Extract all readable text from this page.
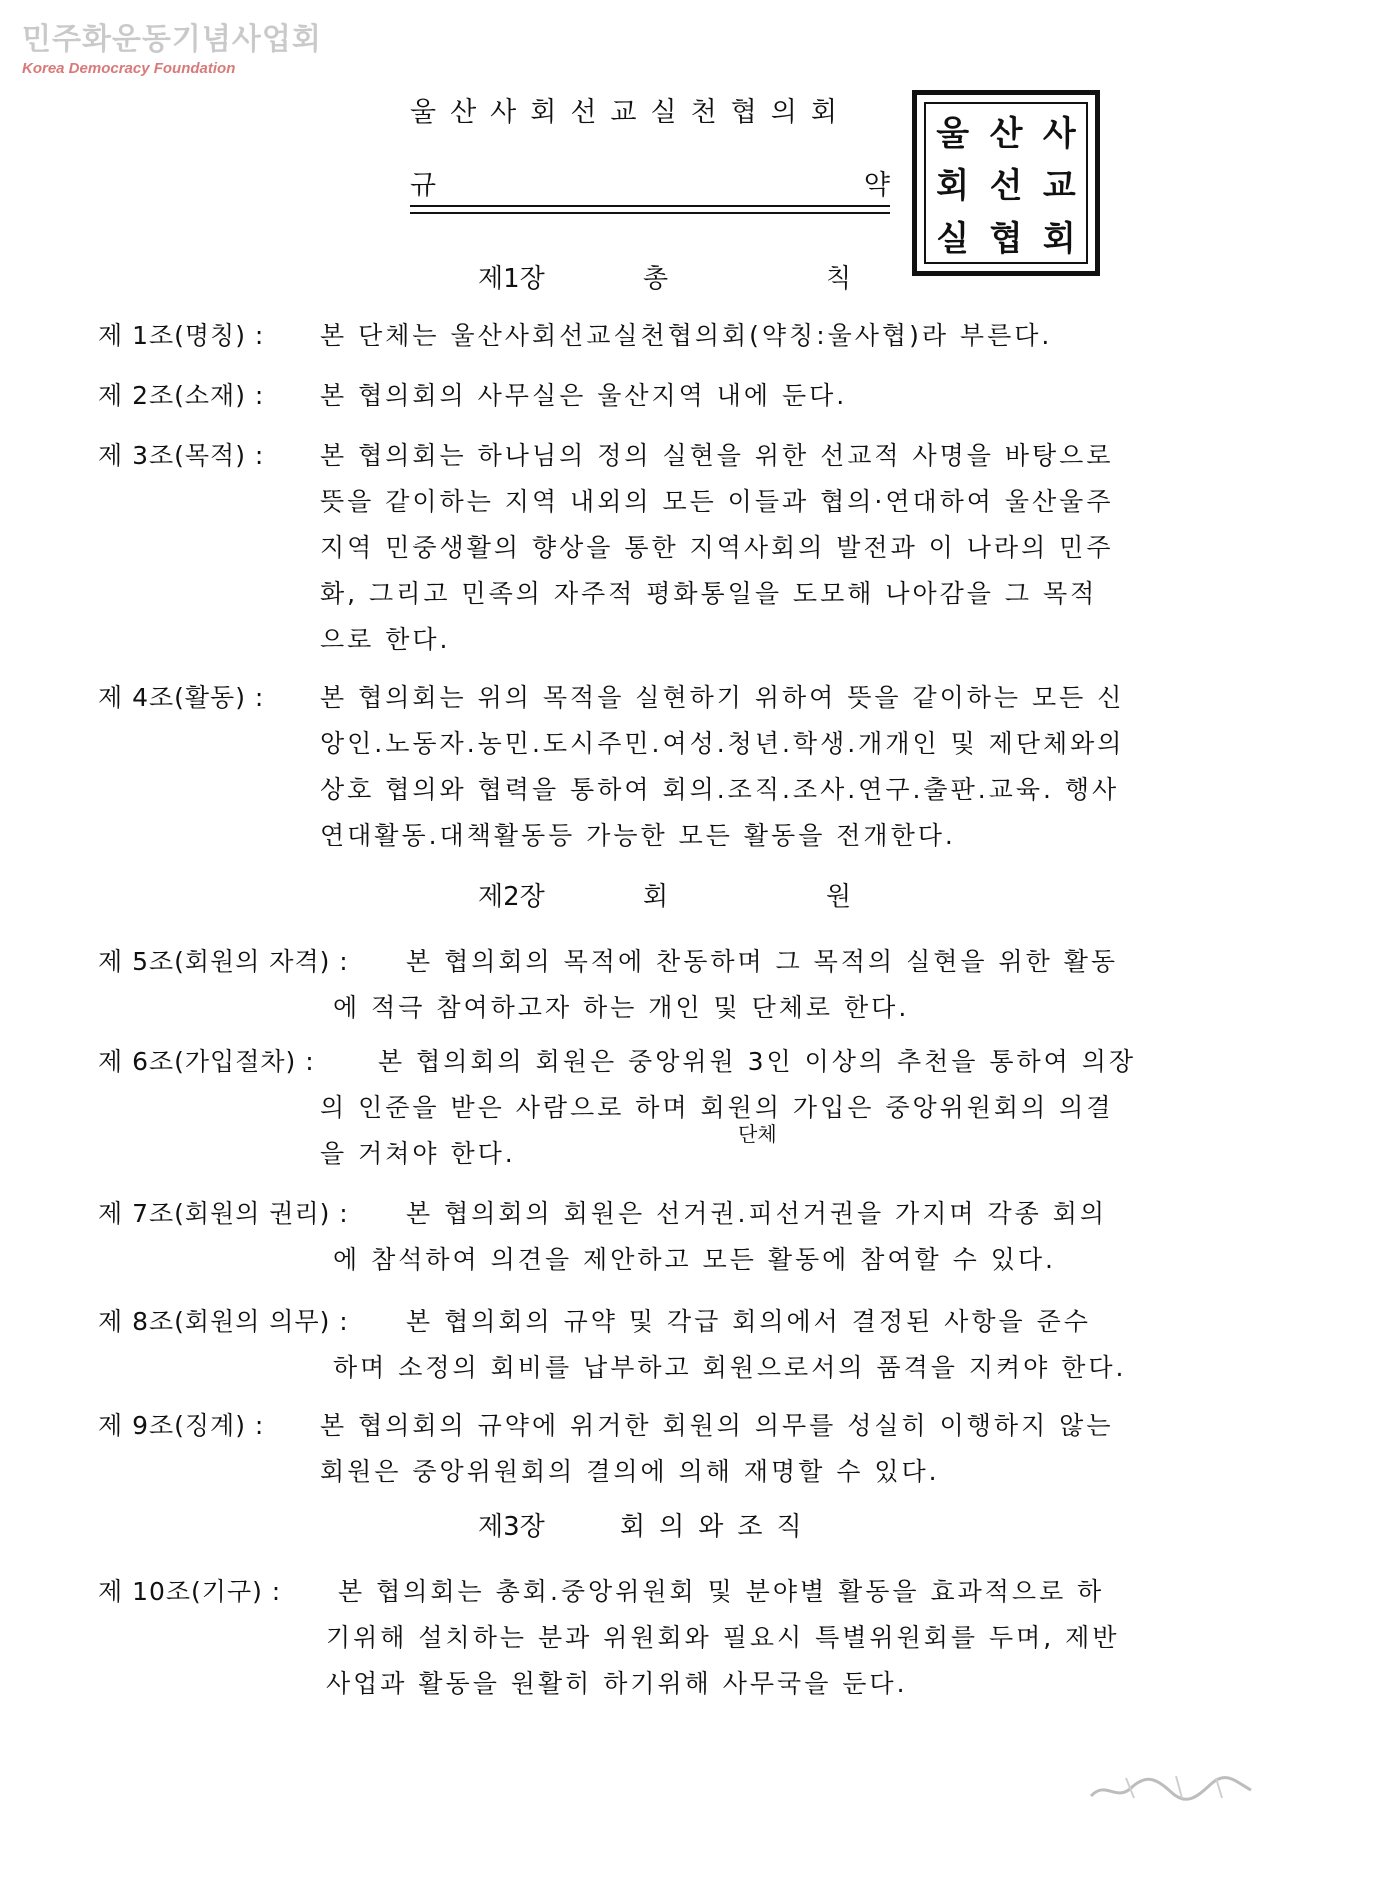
민주화운동기념사업회
Korea Democracy Foundation
울산사회선교실천협의회
규	약
울 산 사
회 선 교
실 협 회
제1장	총	칙
제 1조(명칭) : 본 단체는 울산사회선교실천협의회(약칭:울사협)라 부른다.
제 2조(소재) : 본 협의회의 사무실은 울산지역 내에 둔다.
제 3조(목적) : 본 협의회는 하나님의 정의 실현을 위한 선교적 사명을 바탕으로
뜻을 같이하는 지역 내외의 모든 이들과 협의·연대하여 울산울주
지역 민중생활의 향상을 통한 지역사회의 발전과 이 나라의 민주
화, 그리고 민족의 자주적 평화통일을 도모해 나아감을 그 목적
으로 한다.
제 4조(활동) : 본 협의회는 위의 목적을 실현하기 위하여 뜻을 같이하는 모든 신
앙인.노동자.농민.도시주민.여성.청년.학생.개개인 및 제단체와의
상호 협의와 협력을 통하여 회의.조직.조사.연구.출판.교육. 행사
연대활동.대책활동등 가능한 모든 활동을 전개한다.
제2장	회	원
제 5조(회원의 자격) : 본 협의회의 목적에 찬동하며 그 목적의 실현을 위한 활동
에 적극 참여하고자 하는 개인 및 단체로 한다.
제 6조(가입절차) :	본 협의회의 회원은 중앙위원 3인 이상의 추천을 통하여 의장
의 인준을 받은 사람으로 하며 회원의 가입은 중앙위원회의 의결
을 거쳐야 한다.
단체
제 7조(회원의 권리) : 본 협의회의 회원은 선거권.피선거권을 가지며 각종 회의
에 참석하여 의견을 제안하고 모든 활동에 참여할 수 있다.
제 8조(회원의 의무) : 본 협의회의 규약 및 각급 회의에서 결정된 사항을 준수
하며 소정의 회비를 납부하고 회원으로서의 품격을 지켜야 한다.
제 9조(징계) : 본 협의회의 규약에 위거한 회원의 의무를 성실히 이행하지 않는
회원은 중앙위원회의 결의에 의해 재명할 수 있다.
제3장	회의와조직
제 10조(기구) : 본 협의회는 총회.중앙위원회 및 분야별 활동을 효과적으로 하
기위해 설치하는 분과 위원회와 필요시 특별위원회를 두며, 제반
사업과 활동을 원활히 하기위해 사무국을 둔다.
